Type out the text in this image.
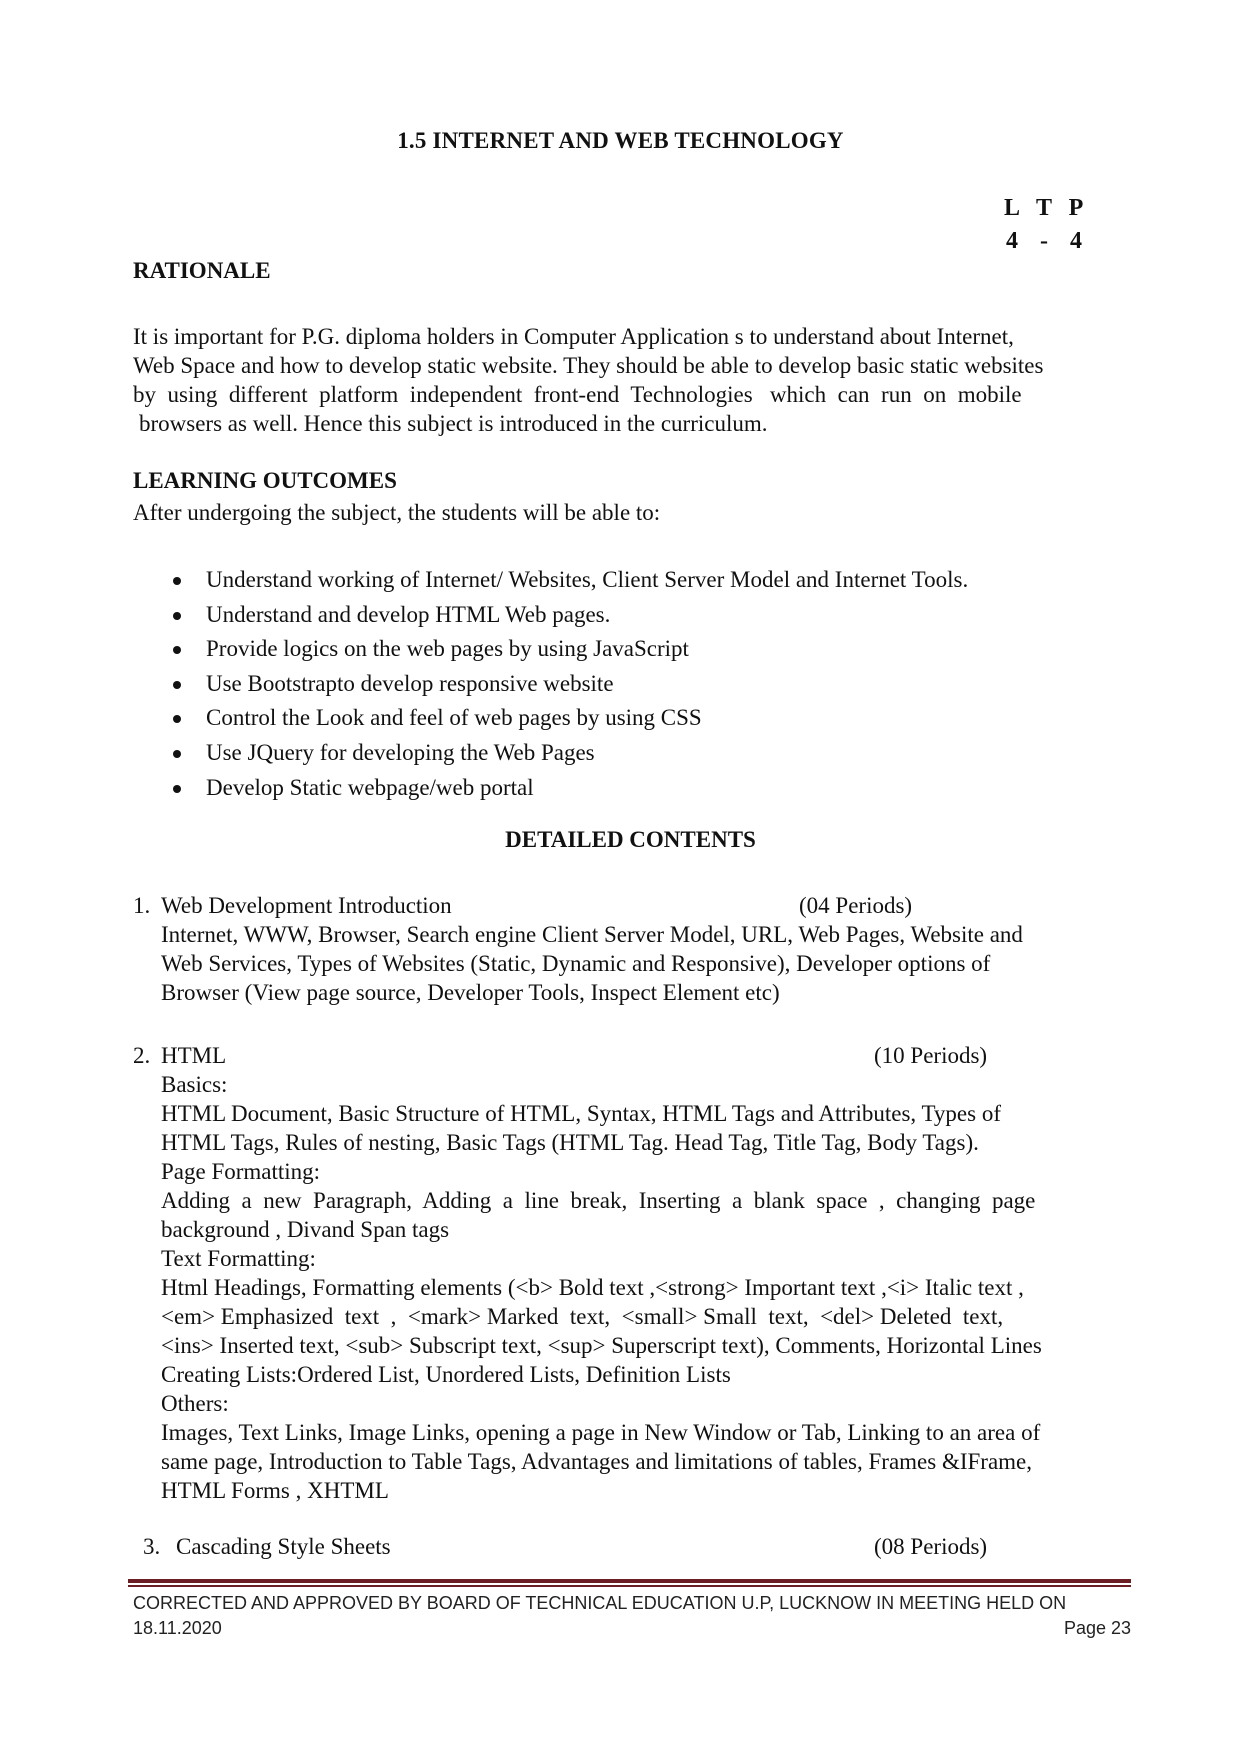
1.5 INTERNET AND WEB TECHNOLOGY
L T P
4 - 4
RATIONALE
It is important for P.G. diploma holders in Computer Application s to understand about Internet,
Web Space and how to develop static website. They should be able to develop basic static websites
by  using  different  platform  independent  front-end  Technologies   which  can  run  on  mobile
browsers as well. Hence this subject is introduced in the curriculum.
LEARNING OUTCOMES
After undergoing the subject, the students will be able to:
Understand working of Internet/ Websites, Client Server Model and Internet Tools.
Understand and develop HTML Web pages.
Provide logics on the web pages by using JavaScript
Use Bootstrapto develop responsive website
Control the Look and feel of web pages by using CSS
Use JQuery for developing the Web Pages
Develop Static webpage/web portal
DETAILED CONTENTS
1. Web Development Introduction	(04 Periods)
Internet, WWW, Browser, Search engine Client Server Model, URL, Web Pages, Website and
Web Services, Types of Websites (Static, Dynamic and Responsive), Developer options of
Browser (View page source, Developer Tools, Inspect Element etc)
2. HTML	(10 Periods)
Basics:
HTML Document, Basic Structure of HTML, Syntax, HTML Tags and Attributes, Types of
HTML Tags, Rules of nesting, Basic Tags (HTML Tag. Head Tag, Title Tag, Body Tags).
Page Formatting:
Adding  a  new  Paragraph,  Adding  a  line  break,  Inserting  a  blank  space  ,  changing  page
background , Divand Span tags
Text Formatting:
Html Headings, Formatting elements (<b> Bold text ,<strong> Important text ,<i> Italic text ,
<em> Emphasized  text  ,  <mark> Marked  text,  <small> Small  text,  <del> Deleted  text,
<ins> Inserted text, <sub> Subscript text, <sup> Superscript text), Comments, Horizontal Lines
Creating Lists:Ordered List, Unordered Lists, Definition Lists
Others:
Images, Text Links, Image Links, opening a page in New Window or Tab, Linking to an area of
same page, Introduction to Table Tags, Advantages and limitations of tables, Frames &IFrame,
HTML Forms , XHTML
3. Cascading Style Sheets	(08 Periods)
CORRECTED AND APPROVED BY BOARD OF TECHNICAL EDUCATION U.P, LUCKNOW IN MEETING HELD ON
18.11.2020	Page 23
